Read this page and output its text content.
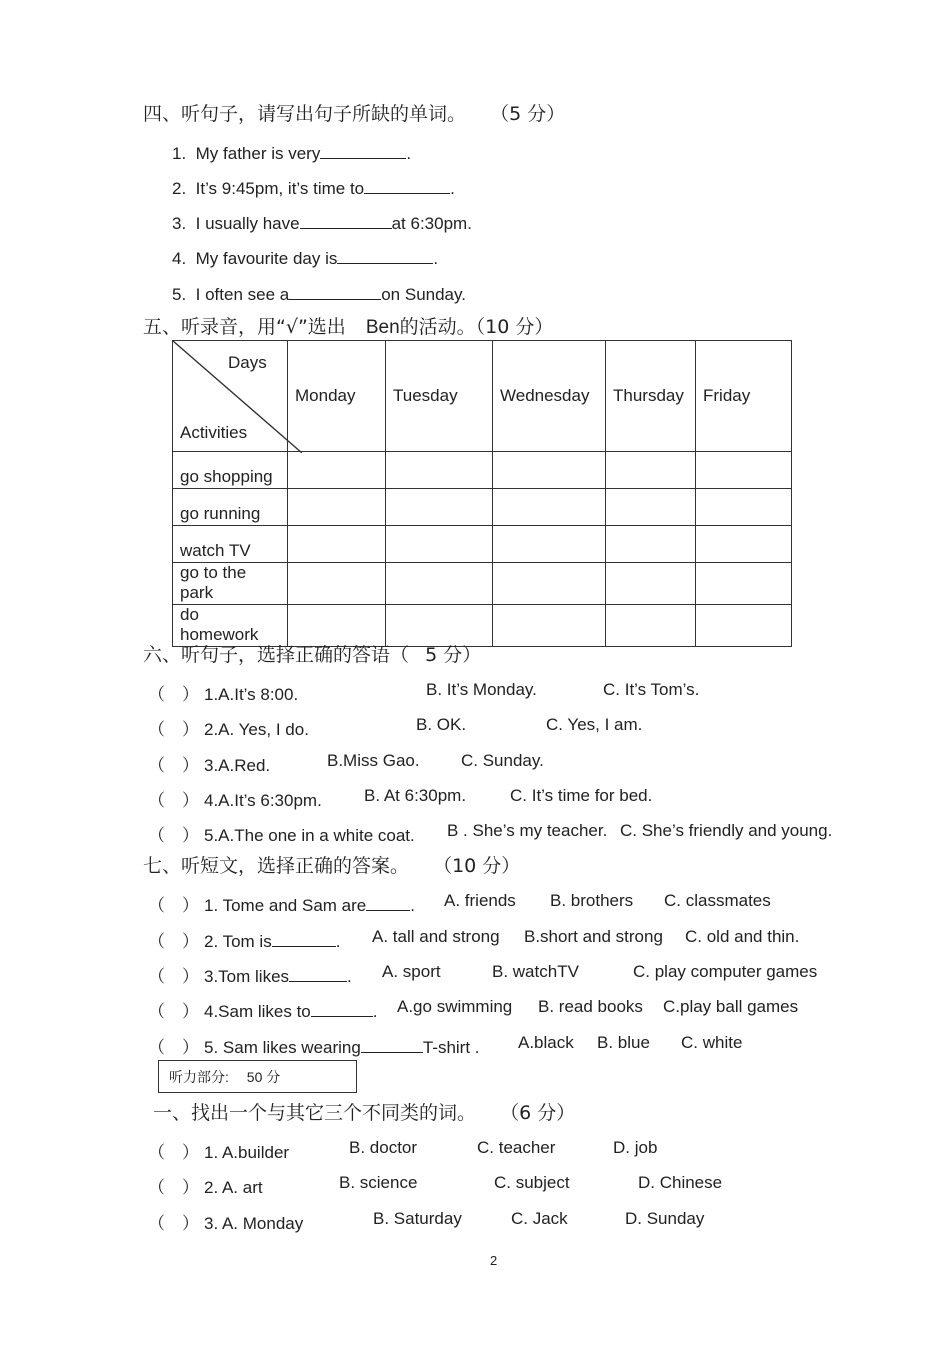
四、听句子，请写出句子所缺的单词。 （5 分）
1. My father is very	.
2. It’s 9:45pm, it’s time to	.
3. I usually have	at 6:30pm.
4. My favourite day is	.
5. I often see a	on Sunday.
五、听录音，用“√”选出 Ben的活动。（10 分）
Days
Activities	Monday	Tuesday	Wednesday	Thursday	Friday
go shopping					
go running					
watch TV					
go to the park					
do homework					
六、听句子，选择正确的答语（ 5 分）
（　） 1.A.It’s 8:00.	B. It’s Monday.	C. It’s Tom’s.
（　） 2.A. Yes, I do.	B. OK.	C. Yes, I am.
（　） 3.A.Red.	B.Miss Gao. C. Sunday.
（　） 4.A.It’s 6:30pm. B. At 6:30pm.	C. It’s time for bed.
（　） 5.A.The one in a white coat. B . She’s my teacher. C. She’s friendly and young.
七、听短文，选择正确的答案。 （10 分）
（　） 1. Tome and Sam are	. A. friends B. brothers C. classmates
（　） 2. Tom is	. A. tall and strong B.short and strong C. old and thin.
（　） 3.Tom likes	. A. sport	B. watchTV	C. play computer games
（　） 4.Sam likes to	. A.go swimming B. read books C.play ball games
（　） 5. Sam likes wearing	T-shirt . A.black B. blue C. white
听力部分: 50 分
一、找出一个与其它三个不同类的词。 （6 分）
（　） 1. A.builder	B. doctor	C. teacher	D. job
（　） 2. A. art	B. science	C. subject	D. Chinese
（　） 3. A. Monday	B. Saturday	C. Jack	D. Sunday
2
